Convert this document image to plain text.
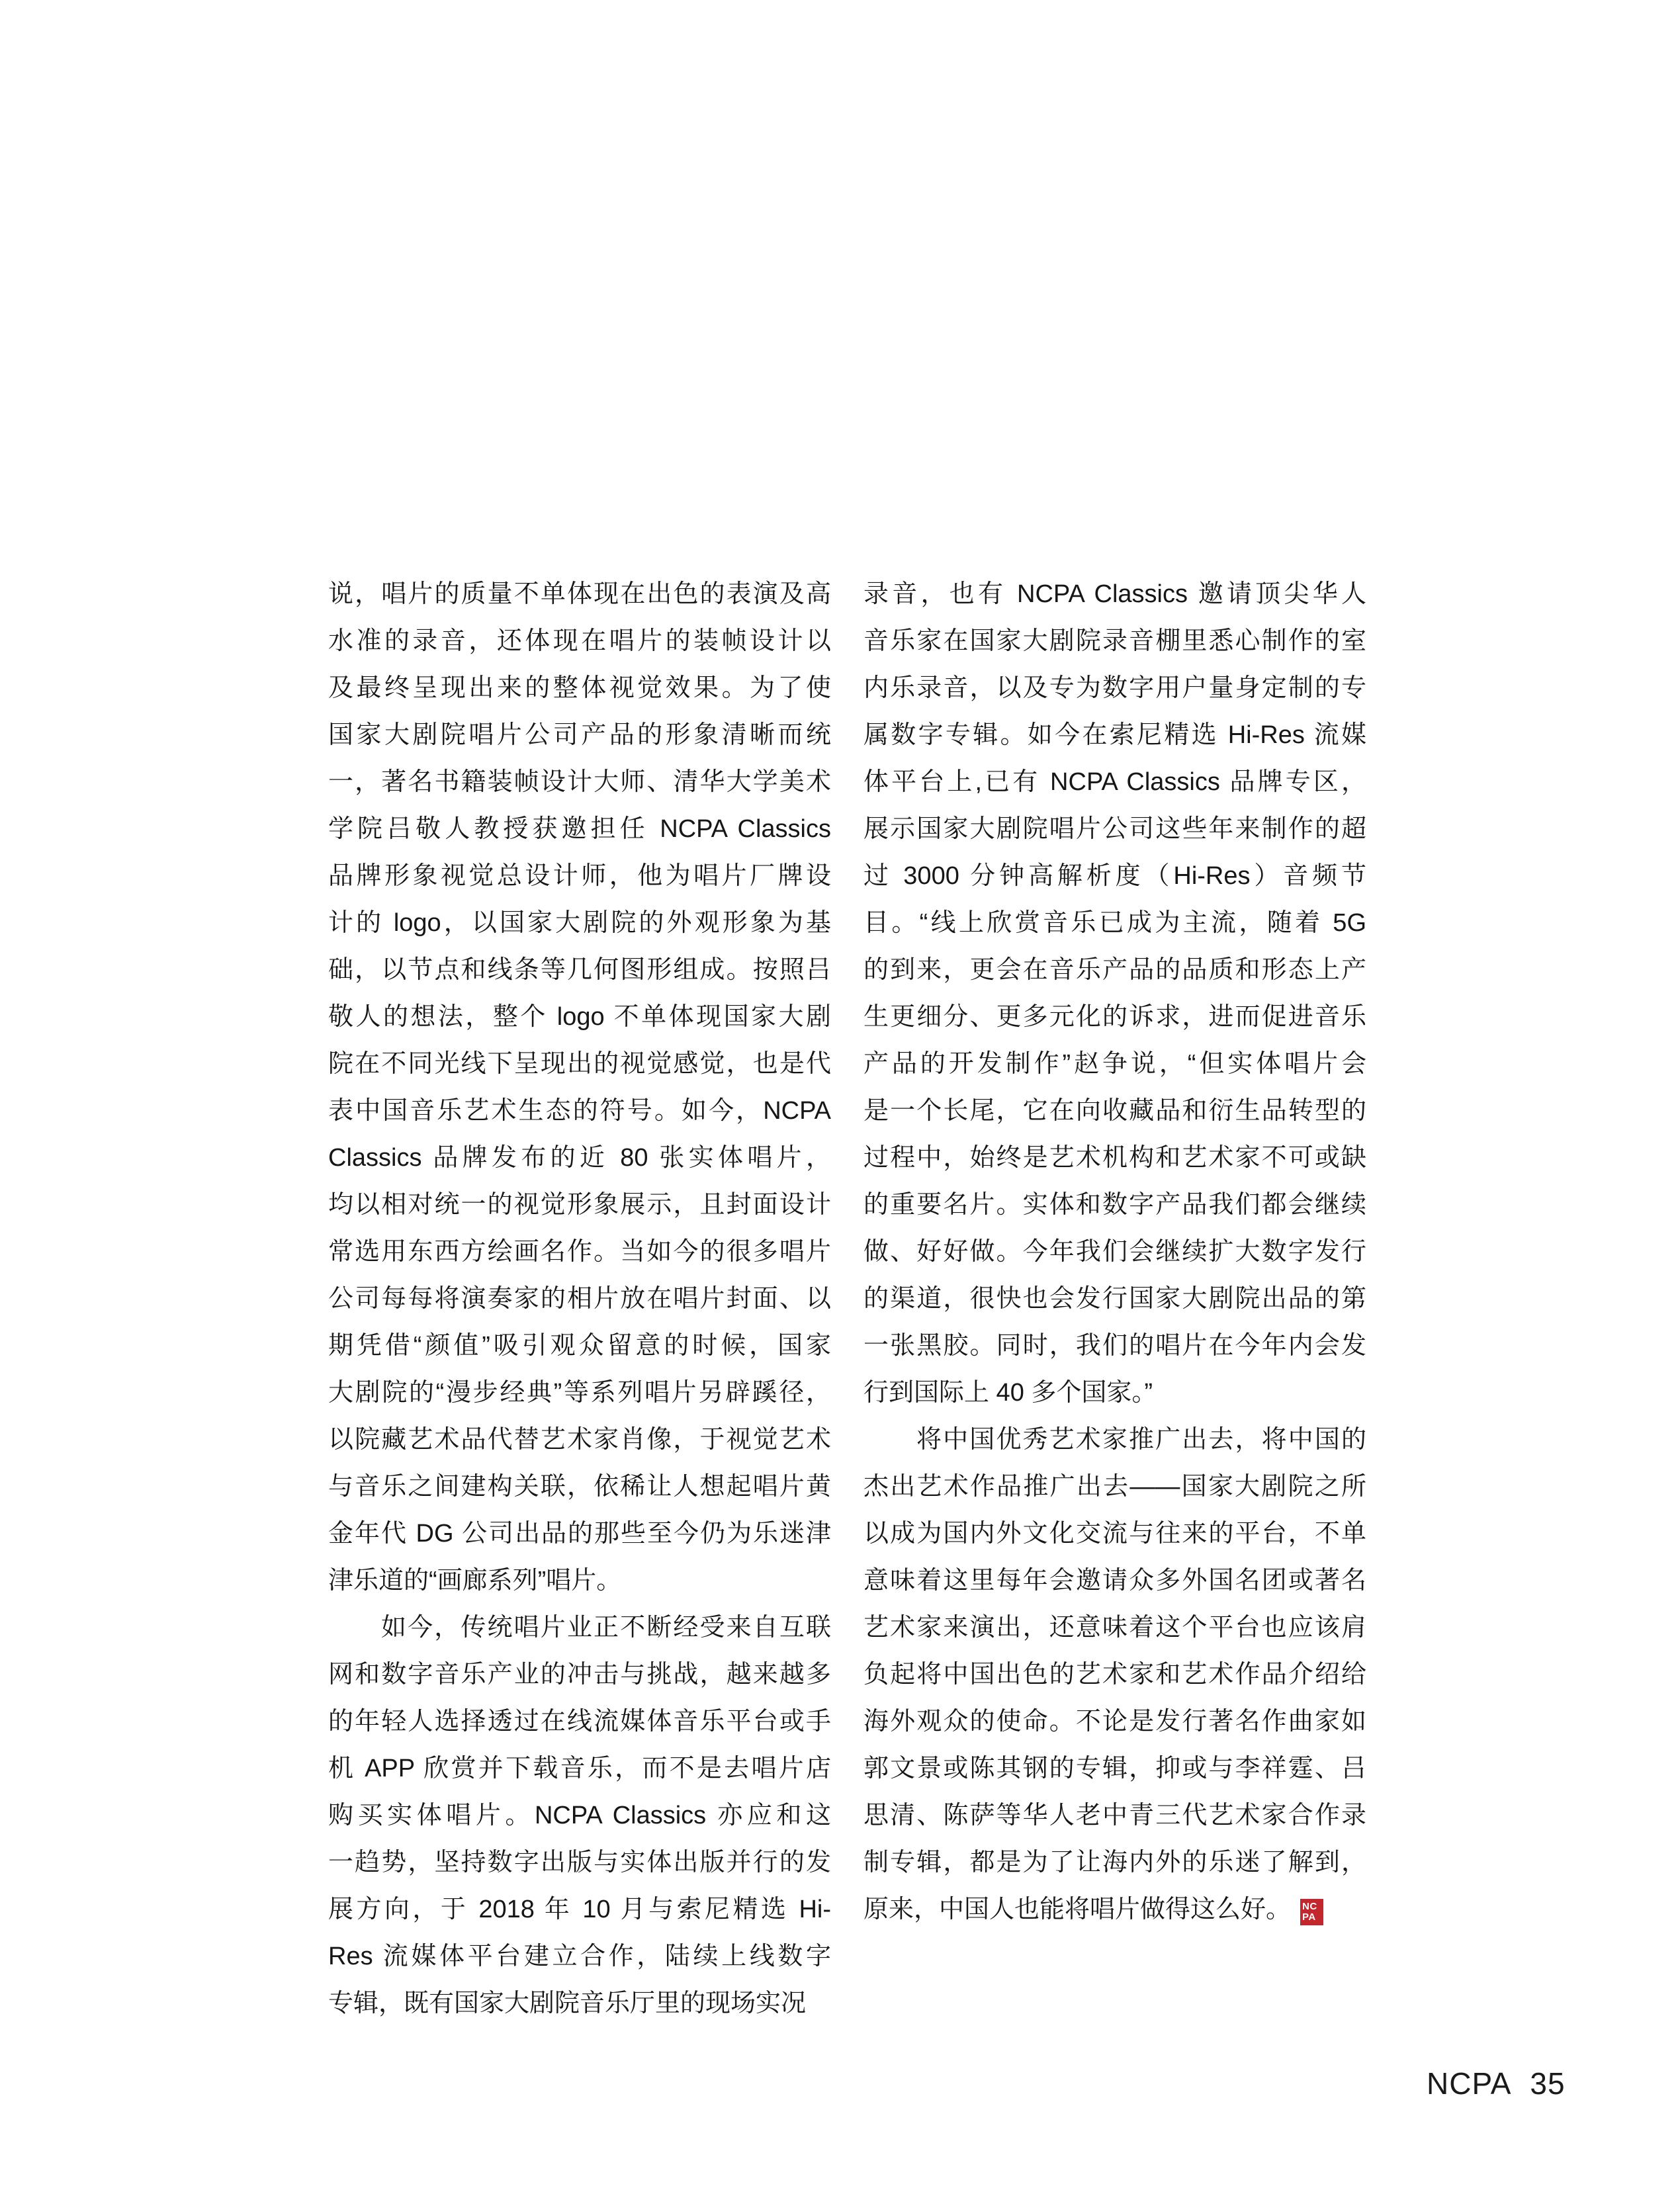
说，唱片的质量不单体现在出色的表演及高
水准的录音，还体现在唱片的装帧设计以
及最终呈现出来的整体视觉效果。为了使
国家大剧院唱片公司产品的形象清晰而统
一，著名书籍装帧设计大师、清华大学美术
学院吕敬人教授获邀担任 NCPA Classics
品牌形象视觉总设计师，他为唱片厂牌设
计的 logo，以国家大剧院的外观形象为基
础，以节点和线条等几何图形组成。按照吕
敬人的想法，整个 logo 不单体现国家大剧
院在不同光线下呈现出的视觉感觉，也是代
表中国音乐艺术生态的符号。如今，NCPA
Classics 品牌发布的近 80 张实体唱片，
均以相对统一的视觉形象展示，且封面设计
常选用东西方绘画名作。当如今的很多唱片
公司每每将演奏家的相片放在唱片封面、以
期凭借“颜值”吸引观众留意的时候，国家
大剧院的“漫步经典”等系列唱片另辟蹊径，
以院藏艺术品代替艺术家肖像，于视觉艺术
与音乐之间建构关联，依稀让人想起唱片黄
金年代 DG 公司出品的那些至今仍为乐迷津
津乐道的“画廊系列”唱片。
如今，传统唱片业正不断经受来自互联
网和数字音乐产业的冲击与挑战，越来越多
的年轻人选择透过在线流媒体音乐平台或手
机 APP 欣赏并下载音乐，而不是去唱片店
购买实体唱片。NCPA Classics 亦应和这
一趋势，坚持数字出版与实体出版并行的发
展方向，于 2018 年 10 月与索尼精选 Hi-
Res 流媒体平台建立合作，陆续上线数字
专辑，既有国家大剧院音乐厅里的现场实况
录音，也有 NCPA Classics 邀请顶尖华人
音乐家在国家大剧院录音棚里悉心制作的室
内乐录音，以及专为数字用户量身定制的专
属数字专辑。如今在索尼精选 Hi-Res 流媒
体平台上,已有 NCPA Classics 品牌专区，
展示国家大剧院唱片公司这些年来制作的超
过 3000 分钟高解析度（Hi-Res）音频节
目。“线上欣赏音乐已成为主流，随着 5G
的到来，更会在音乐产品的品质和形态上产
生更细分、更多元化的诉求，进而促进音乐
产品的开发制作”赵争说，“但实体唱片会
是一个长尾，它在向收藏品和衍生品转型的
过程中，始终是艺术机构和艺术家不可或缺
的重要名片。实体和数字产品我们都会继续
做、好好做。今年我们会继续扩大数字发行
的渠道，很快也会发行国家大剧院出品的第
一张黑胶。同时，我们的唱片在今年内会发
行到国际上 40 多个国家。”
将中国优秀艺术家推广出去，将中国的
杰出艺术作品推广出去——国家大剧院之所
以成为国内外文化交流与往来的平台，不单
意味着这里每年会邀请众多外国名团或著名
艺术家来演出，还意味着这个平台也应该肩
负起将中国出色的艺术家和艺术作品介绍给
海外观众的使命。不论是发行著名作曲家如
郭文景或陈其钢的专辑，抑或与李祥霆、吕
思清、陈萨等华人老中青三代艺术家合作录
制专辑，都是为了让海内外的乐迷了解到，
原来，中国人也能将唱片做得这么好。 NC
PA
NCPA 35
